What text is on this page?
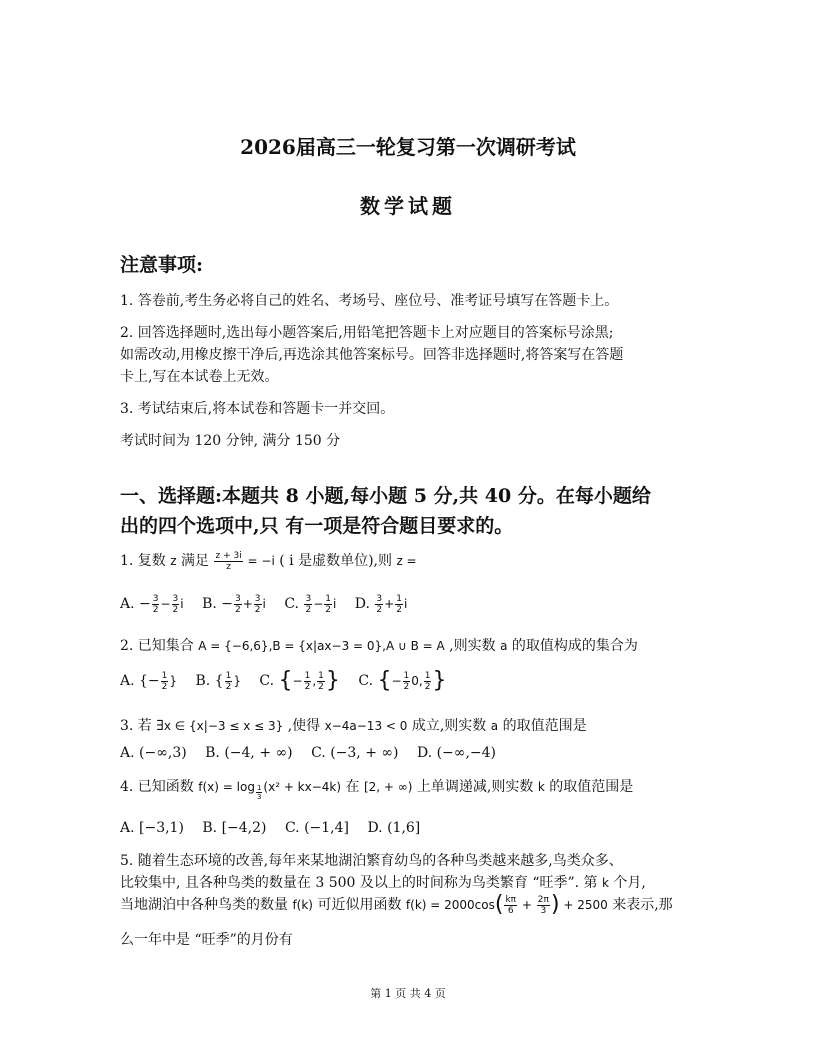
2026届高三一轮复习第一次调研考试
数学试题
注意事项:
1. 答卷前,考生务必将自己的姓名、考场号、座位号、准考证号填写在答题卡上。
2. 回答选择题时,选出每小题答案后,用铅笔把答题卡上对应题目的答案标号涂黑;
如需改动,用橡皮擦干净后,再选涂其他答案标号。回答非选择题时,将答案写在答题
卡上,写在本试卷上无效。
3. 考试结束后,将本试卷和答题卡一并交回。
考试时间为 120 分钟, 满分 150 分
一、选择题:本题共 8 小题,每小题 5 分,共 40 分。在每小题给
出的四个选项中,只 有一项是符合题目要求的。
1. 复数 z 满足 $\frac{z + 3i}{z} = -i$ ( i 是虚数单位),则 z =
A. − $\frac{3}{2} - \frac{3}{2}$ i B. − $\frac{3}{2} + \frac{3}{2}$ i C. $\frac{3}{2} - \frac{1}{2}$ i D. $\frac{3}{2} + \frac{1}{2}$ i
2. 已知集合 A = {−6,6},B = {x|ax−3 = 0},A ∪ B = A ,则实数 a 的取值构成的集合为
A. {− $\frac{1}{2}$ } B. { $\frac{1}{2}$ } C. {− $\frac{1}{2}$ , $\frac{1}{2}$ } C. {− $\frac{1}{2} 0$, $\frac{1}{2}$ }
3. 若 ∃x ∈ {x|−3 ≤ x ≤ 3} ,使得 x−4a−13 < 0 成立,则实数 a 的取值范围是
A. (−∞,3) B. (−4, + ∞) C. (−3, + ∞) D. (−∞,−4)
4. 已知函数 $f(x) = \log \frac{1}{3} (x^2 + kx-4k)$ 在 [2, + ∞) 上单调递减,则实数 k 的取值范围是
A. [−3,1) B. [−4,2) C. (−1,4] D. (1,6]
5. 随着生态环境的改善,每年来某地湖泊繁育幼鸟的各种鸟类越来越多,鸟类众多、
比较集中, 且各种鸟类的数量在 3 500 及以上的时间称为鸟类繁育 “旺季”. 第 k 个月,
当地湖泊中各种鸟类的数量 f(k) 可近似用函数 $f(k) = 2000\cos( \frac{k\pi}{6} + \frac{2\pi}{3}$ ) + 2500 来表示,那
么一年中是 “旺季”的月份有
第 1 页 共 4 页
